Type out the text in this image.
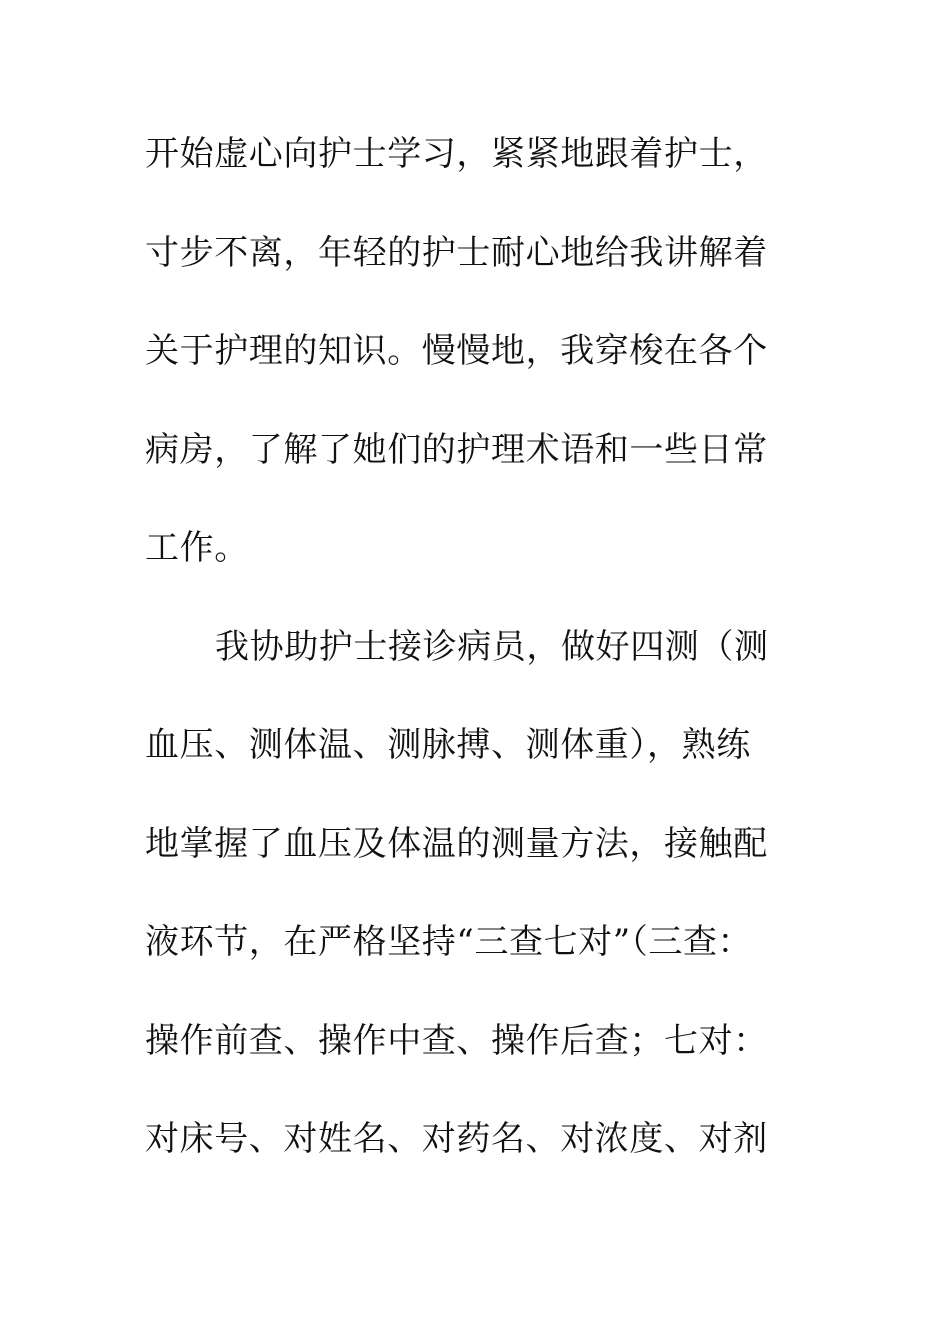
开始虚心向护士学习，紧紧地跟着护士，
寸步不离，年轻的护士耐心地给我讲解着
关于护理的知识。慢慢地，我穿梭在各个
病房，了解了她们的护理术语和一些日常
工作。
我协助护士接诊病员，做好四测（测
血压、测体温、测脉搏、测体重），熟练
地掌握了血压及体温的测量方法，接触配
液环节，在严格坚持“三查七对”（三查：
操作前查、操作中查、操作后查；七对：
对床号、对姓名、对药名、对浓度、对剂
